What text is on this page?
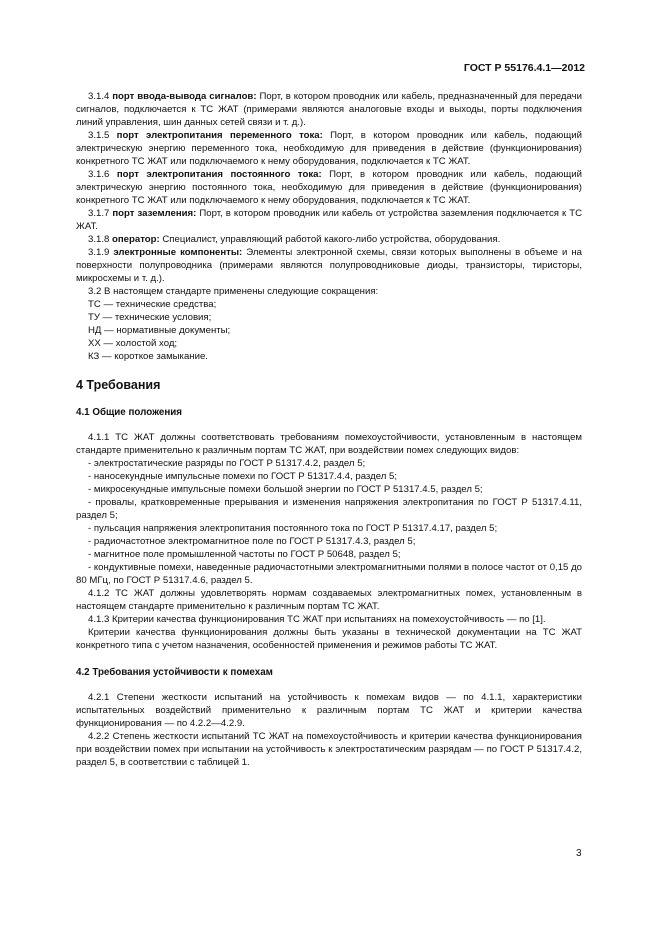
ГОСТ Р 55176.4.1—2012

3.1.4 порт ввода-вывода сигналов: Порт, в котором проводник или кабель, предназначенный для передачи сигналов, подключается к ТС ЖАТ (примерами являются аналоговые входы и выходы, порты подключения линий управления, шин данных сетей связи и т. д.).

3.1.5 порт электропитания переменного тока: Порт, в котором проводник или кабель, подающий электрическую энергию переменного тока, необходимую для приведения в действие (функционирования) конкретного ТС ЖАТ или подключаемого к нему оборудования, подключается к ТС ЖАТ.

3.1.6 порт электропитания постоянного тока: Порт, в котором проводник или кабель, подающий электрическую энергию постоянного тока, необходимую для приведения в действие (функционирования) конкретного ТС ЖАТ или подключаемого к нему оборудования, подключается к ТС ЖАТ.

3.1.7 порт заземления: Порт, в котором проводник или кабель от устройства заземления подключается к ТС ЖАТ.

3.1.8 оператор: Специалист, управляющий работой какого-либо устройства, оборудования.

3.1.9 электронные компоненты: Элементы электронной схемы, связи которых выполнены в объеме и на поверхности полупроводника (примерами являются полупроводниковые диоды, транзисторы, тиристоры, микросхемы и т. д.).

3.2 В настоящем стандарте применены следующие сокращения:

ТС — технические средства;

ТУ — технические условия;

НД — нормативные документы;

ХХ — холостой ход;

КЗ — короткое замыкание.

4 Требования
4.1 Общие положения

4.1.1 ТС ЖАТ должны соответствовать требованиям помехоустойчивости, установленным в настоящем стандарте применительно к различным портам ТС ЖАТ, при воздействии помех следующих видов:

- электростатические разряды по ГОСТ Р 51317.4.2, раздел 5;

- наносекундные импульсные помехи по ГОСТ Р 51317.4.4, раздел 5;

- микросекундные импульсные помехи большой энергии по ГОСТ Р 51317.4.5, раздел 5;

- провалы, кратковременные прерывания и изменения напряжения электропитания по ГОСТ Р 51317.4.11, раздел 5;

- пульсация напряжения электропитания постоянного тока по ГОСТ Р 51317.4.17, раздел 5;

- радиочастотное электромагнитное поле по ГОСТ Р 51317.4.3, раздел 5;

- магнитное поле промышленной частоты по ГОСТ Р 50648, раздел 5;

- кондуктивные помехи, наведенные радиочастотными электромагнитными полями в полосе частот от 0,15 до 80 МГц, по ГОСТ Р 51317.4.6, раздел 5.

4.1.2 ТС ЖАТ должны удовлетворять нормам создаваемых электромагнитных помех, установленным в настоящем стандарте применительно к различным портам ТС ЖАТ.

4.1.3 Критерии качества функционирования ТС ЖАТ при испытаниях на помехоустойчивость — по [1].

Критерии качества функционирования должны быть указаны в технической документации на ТС ЖАТ конкретного типа с учетом назначения, особенностей применения и режимов работы ТС ЖАТ.

4.2 Требования устойчивости к помехам

4.2.1 Степени жесткости испытаний на устойчивость к помехам видов — по 4.1.1, характеристики испытательных воздействий применительно к различным портам ТС ЖАТ и критерии качества функционирования — по 4.2.2—4.2.9.

4.2.2 Степень жесткости испытаний ТС ЖАТ на помехоустойчивость и критерии качества функционирования при воздействии помех при испытании на устойчивость к электростатическим разрядам — по ГОСТ Р 51317.4.2, раздел 5, в соответствии с таблицей 1.

3
